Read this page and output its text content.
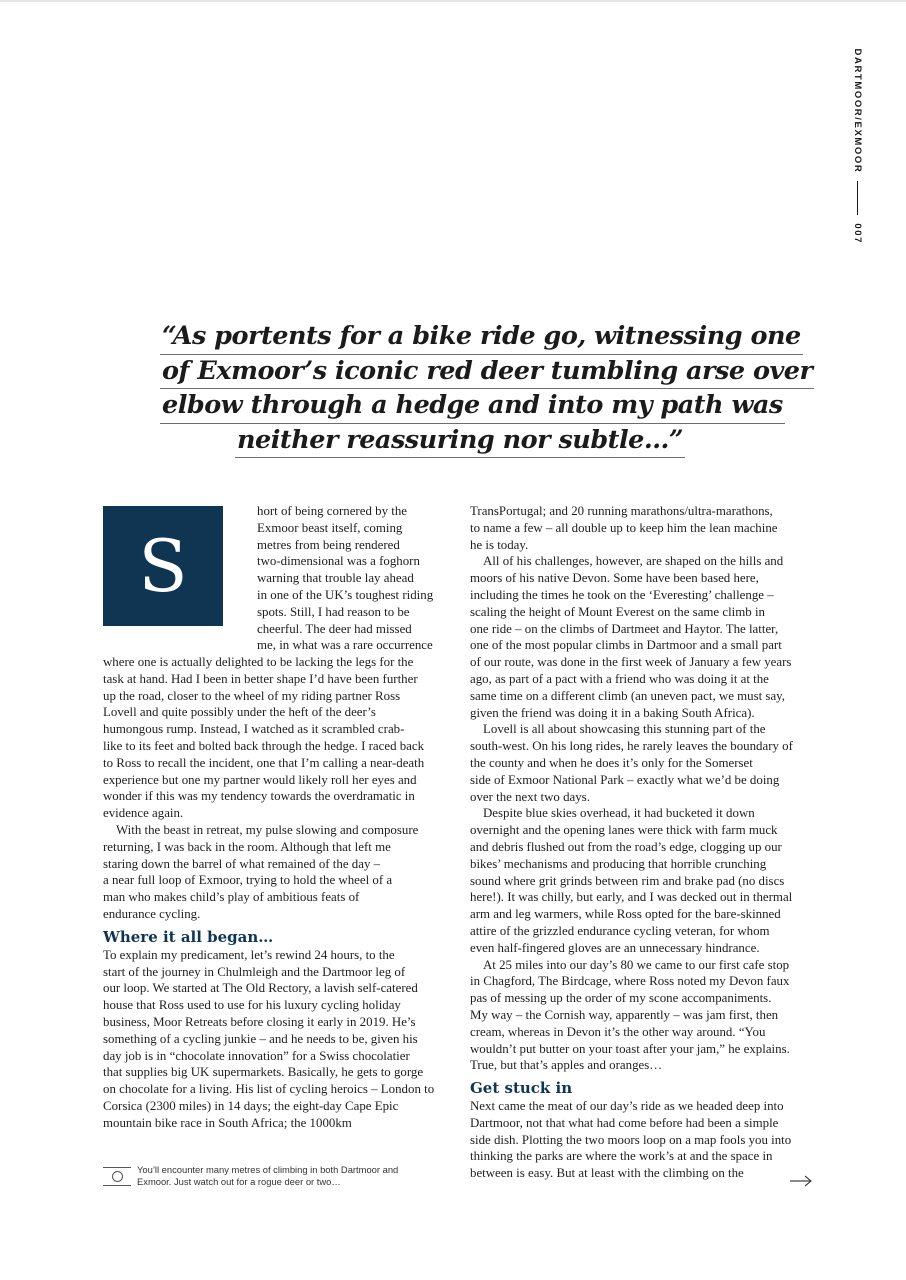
007
DARTMOOR/EXMOOR
“As portents for a bike ride go, witnessing one
of Exmoor’s iconic red deer tumbling arse over
elbow through a hedge and into my path was
neither reassuring nor subtle…”
S
hort of being cornered by the
Exmoor beast itself, coming
metres from being rendered
two-dimensional was a foghorn
warning that trouble lay ahead
in one of the UK’s toughest riding
spots. Still, I had reason to be
cheerful. The deer had missed
me, in what was a rare occurrence
where one is actually delighted to be lacking the legs for the
task at hand. Had I been in better shape I’d have been further
up the road, closer to the wheel of my riding partner Ross
Lovell and quite possibly under the heft of the deer’s
humongous rump. Instead, I watched as it scrambled crab-
like to its feet and bolted back through the hedge. I raced back
to Ross to recall the incident, one that I’m calling a near-death
experience but one my partner would likely roll her eyes and
wonder if this was my tendency towards the overdramatic in
evidence again.
With the beast in retreat, my pulse slowing and composure
returning, I was back in the room. Although that left me
staring down the barrel of what remained of the day –
a near full loop of Exmoor, trying to hold the wheel of a
man who makes child’s play of ambitious feats of
endurance cycling.
Where it all began…
To explain my predicament, let’s rewind 24 hours, to the
start of the journey in Chulmleigh and the Dartmoor leg of
our loop. We started at The Old Rectory, a lavish self-catered
house that Ross used to use for his luxury cycling holiday
business, Moor Retreats before closing it early in 2019. He’s
something of a cycling junkie – and he needs to be, given his
day job is in “chocolate innovation” for a Swiss chocolatier
that supplies big UK supermarkets. Basically, he gets to gorge
on chocolate for a living. His list of cycling heroics – London to
Corsica (2300 miles) in 14 days; the eight-day Cape Epic
mountain bike race in South Africa; the 1000km
TransPortugal; and 20 running marathons/ultra-marathons,
to name a few – all double up to keep him the lean machine
he is today.
All of his challenges, however, are shaped on the hills and
moors of his native Devon. Some have been based here,
including the times he took on the ‘Everesting’ challenge –
scaling the height of Mount Everest on the same climb in
one ride – on the climbs of Dartmeet and Haytor. The latter,
one of the most popular climbs in Dartmoor and a small part
of our route, was done in the first week of January a few years
ago, as part of a pact with a friend who was doing it at the
same time on a different climb (an uneven pact, we must say,
given the friend was doing it in a baking South Africa).
Lovell is all about showcasing this stunning part of the
south-west. On his long rides, he rarely leaves the boundary of
the county and when he does it’s only for the Somerset
side of Exmoor National Park – exactly what we’d be doing
over the next two days.
Despite blue skies overhead, it had bucketed it down
overnight and the opening lanes were thick with farm muck
and debris flushed out from the road’s edge, clogging up our
bikes’ mechanisms and producing that horrible crunching
sound where grit grinds between rim and brake pad (no discs
here!). It was chilly, but early, and I was decked out in thermal
arm and leg warmers, while Ross opted for the bare-skinned
attire of the grizzled endurance cycling veteran, for whom
even half-fingered gloves are an unnecessary hindrance.
At 25 miles into our day’s 80 we came to our first cafe stop
in Chagford, The Birdcage, where Ross noted my Devon faux
pas of messing up the order of my scone accompaniments.
My way – the Cornish way, apparently – was jam first, then
cream, whereas in Devon it’s the other way around. “You
wouldn’t put butter on your toast after your jam,” he explains.
True, but that’s apples and oranges…
Get stuck in
Next came the meat of our day’s ride as we headed deep into
Dartmoor, not that what had come before had been a simple
side dish. Plotting the two moors loop on a map fools you into
thinking the parks are where the work’s at and the space in
between is easy. But at least with the climbing on the
You’ll encounter many metres of climbing in both Dartmoor and
Exmoor. Just watch out for a rogue deer or two…
